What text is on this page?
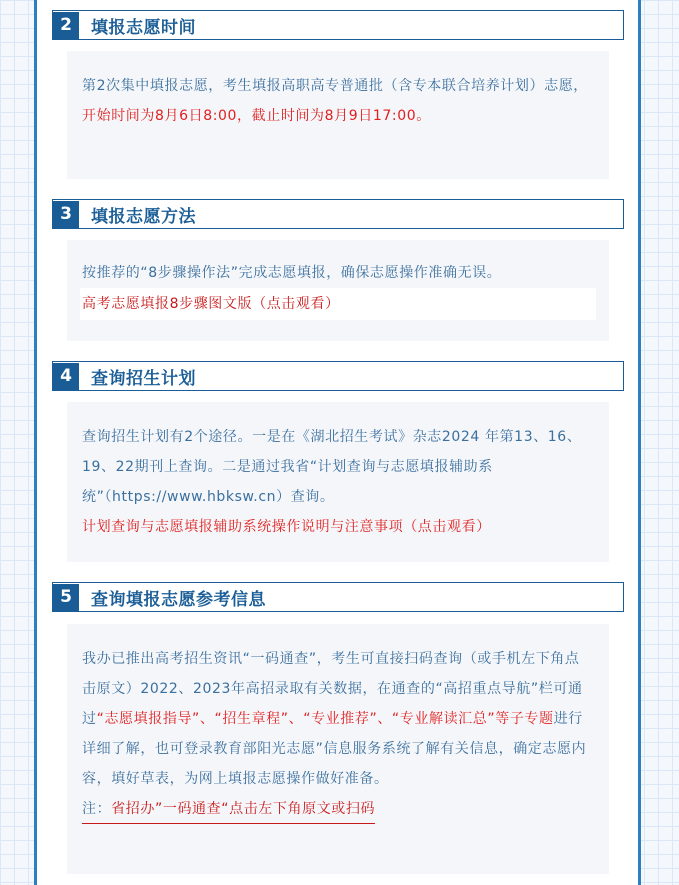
2	填报志愿时间

第2次集中填报志愿，考生填报高职高专普通批（含专本联合培养计划）志愿，开始时间为8月6日8:00，截止时间为8月9日17:00。

3	填报志愿方法

按推荐的“8步骤操作法”完成志愿填报，确保志愿操作准确无误。

高考志愿填报8步骤图文版（点击观看）
4	查询招生计划

查询招生计划有2个途径。一是在《湖北招生考试》杂志2024 年第13、16、19、22期刊上查询。二是通过我省“计划查询与志愿填报辅助系统”（https://www.hbksw.cn）查询。

计划查询与志愿填报辅助系统操作说明与注意事项（点击观看）

5	查询填报志愿参考信息

我办已推出高考招生资讯“一码通查”，考生可直接扫码查询（或手机左下角点击原文）2022、2023年高招录取有关数据，在通查的“高招重点导航”栏可通过“志愿填报指导”、“招生章程”、“专业推荐”、“专业解读汇总”等子专题进行详细了解，也可登录教育部阳光志愿”信息服务系统了解有关信息，确定志愿内容，填好草表，为网上填报志愿操作做好准备。

注：省招办”一码通查“点击左下角原文或扫码
